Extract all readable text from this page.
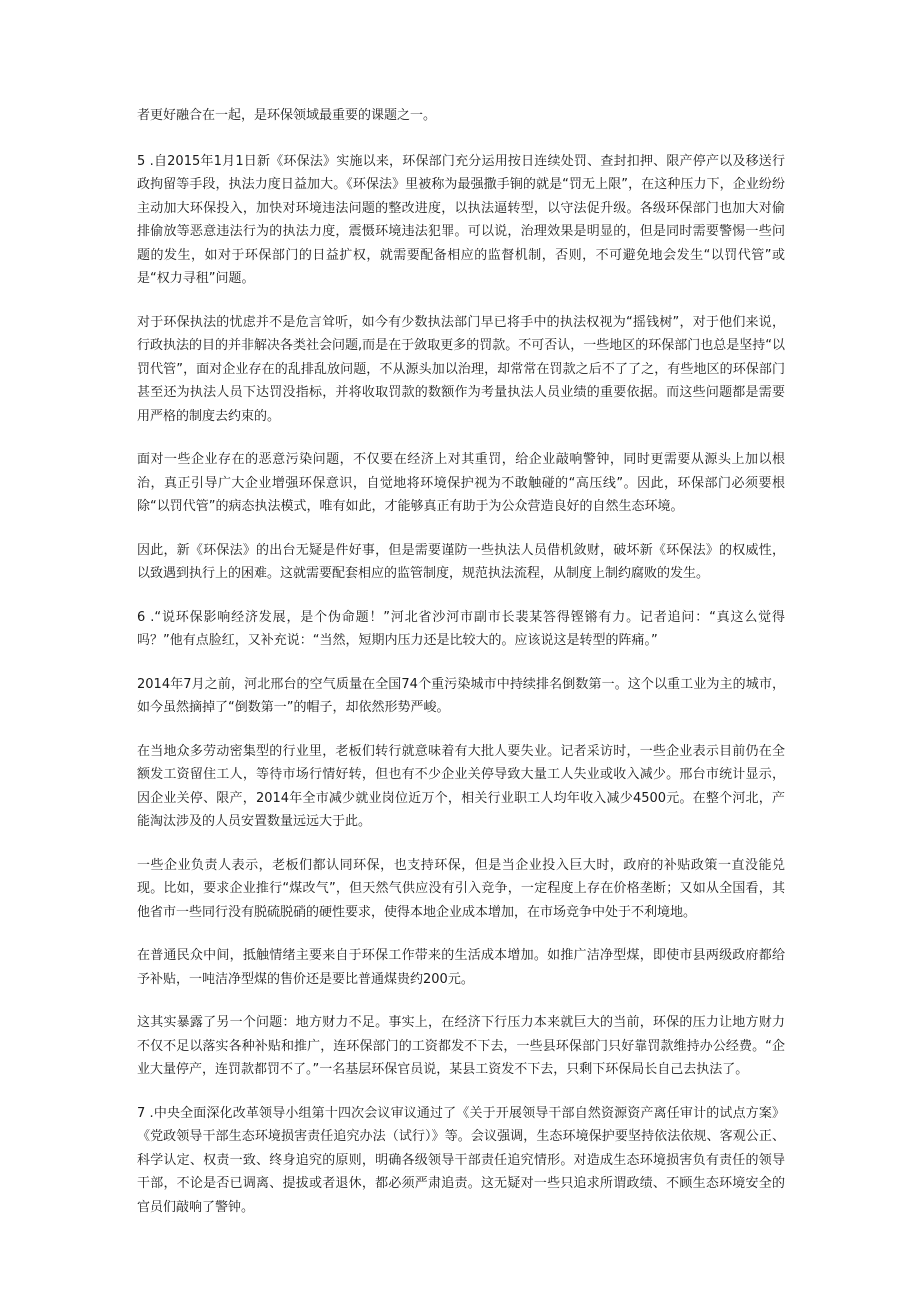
者更好融合在一起，是环保领域最重要的课题之一。

5 .自2015年1月1日新《环保法》实施以来，环保部门充分运用按日连续处罚、查封扣押、限产停产以及移送行政拘留等手段，执法力度日益加大。《环保法》里被称为最强撒手锏的就是“罚无上限”，在这种压力下，企业纷纷主动加大环保投入，加快对环境违法问题的整改进度，以执法逼转型，以守法促升级。各级环保部门也加大对偷排偷放等恶意违法行为的执法力度，震慑环境违法犯罪。可以说，治理效果是明显的，但是同时需要警惕一些问题的发生，如对于环保部门的日益扩权，就需要配备相应的监督机制，否则，不可避免地会发生“以罚代管”或是“权力寻租”问题。

对于环保执法的忧虑并不是危言耸听，如今有少数执法部门早已将手中的执法权视为“摇钱树”，对于他们来说，行政执法的目的并非解决各类社会问题,而是在于敛取更多的罚款。不可否认，一些地区的环保部门也总是坚持“以罚代管”，面对企业存在的乱排乱放问题，不从源头加以治理，却常常在罚款之后不了了之，有些地区的环保部门甚至还为执法人员下达罚没指标，并将收取罚款的数额作为考量执法人员业绩的重要依据。而这些问题都是需要用严格的制度去约束的。

面对一些企业存在的恶意污染问题，不仅要在经济上对其重罚，给企业敲响警钟，同时更需要从源头上加以根治，真正引导广大企业增强环保意识，自觉地将环境保护视为不敢触碰的“高压线”。因此，环保部门必须要根除“以罚代管”的病态执法模式，唯有如此，才能够真正有助于为公众营造良好的自然生态环境。

因此，新《环保法》的出台无疑是件好事，但是需要谨防一些执法人员借机敛财，破坏新《环保法》的权威性，以致遇到执行上的困难。这就需要配套相应的监管制度，规范执法流程，从制度上制约腐败的发生。

6 .“说环保影响经济发展，是个伪命题！”河北省沙河市副市长裴某答得铿锵有力。记者追问：“真这么觉得吗？”他有点脸红，又补充说：“当然，短期内压力还是比较大的。应该说这是转型的阵痛。”

2014年7月之前，河北邢台的空气质量在全国74个重污染城市中持续排名倒数第一。这个以重工业为主的城市，如今虽然摘掉了“倒数第一”的帽子，却依然形势严峻。

在当地众多劳动密集型的行业里，老板们转行就意味着有大批人要失业。记者采访时，一些企业表示目前仍在全额发工资留住工人，等待市场行情好转，但也有不少企业关停导致大量工人失业或收入减少。邢台市统计显示，因企业关停、限产，2014年全市减少就业岗位近万个，相关行业职工人均年收入减少4500元。在整个河北，产能淘汰涉及的人员安置数量远远大于此。

一些企业负责人表示，老板们都认同环保，也支持环保，但是当企业投入巨大时，政府的补贴政策一直没能兑现。比如，要求企业推行“煤改气”，但天然气供应没有引入竞争，一定程度上存在价格垄断；又如从全国看，其他省市一些同行没有脱硫脱硝的硬性要求，使得本地企业成本增加，在市场竞争中处于不利境地。

在普通民众中间，抵触情绪主要来自于环保工作带来的生活成本增加。如推广洁净型煤，即使市县两级政府都给予补贴，一吨洁净型煤的售价还是要比普通煤贵约200元。

这其实暴露了另一个问题：地方财力不足。事实上，在经济下行压力本来就巨大的当前，环保的压力让地方财力不仅不足以落实各种补贴和推广，连环保部门的工资都发不下去，一些县环保部门只好靠罚款维持办公经费。“企业大量停产，连罚款都罚不了。”一名基层环保官员说，某县工资发不下去，只剩下环保局长自己去执法了。

7 .中央全面深化改革领导小组第十四次会议审议通过了《关于开展领导干部自然资源资产离任审计的试点方案》《党政领导干部生态环境损害责任追究办法（试行）》等。会议强调，生态环境保护要坚持依法依规、客观公正、科学认定、权责一致、终身追究的原则，明确各级领导干部责任追究情形。对造成生态环境损害负有责任的领导干部，不论是否已调离、提拔或者退休，都必须严肃追责。这无疑对一些只追求所谓政绩、不顾生态环境安全的官员们敲响了警钟。
